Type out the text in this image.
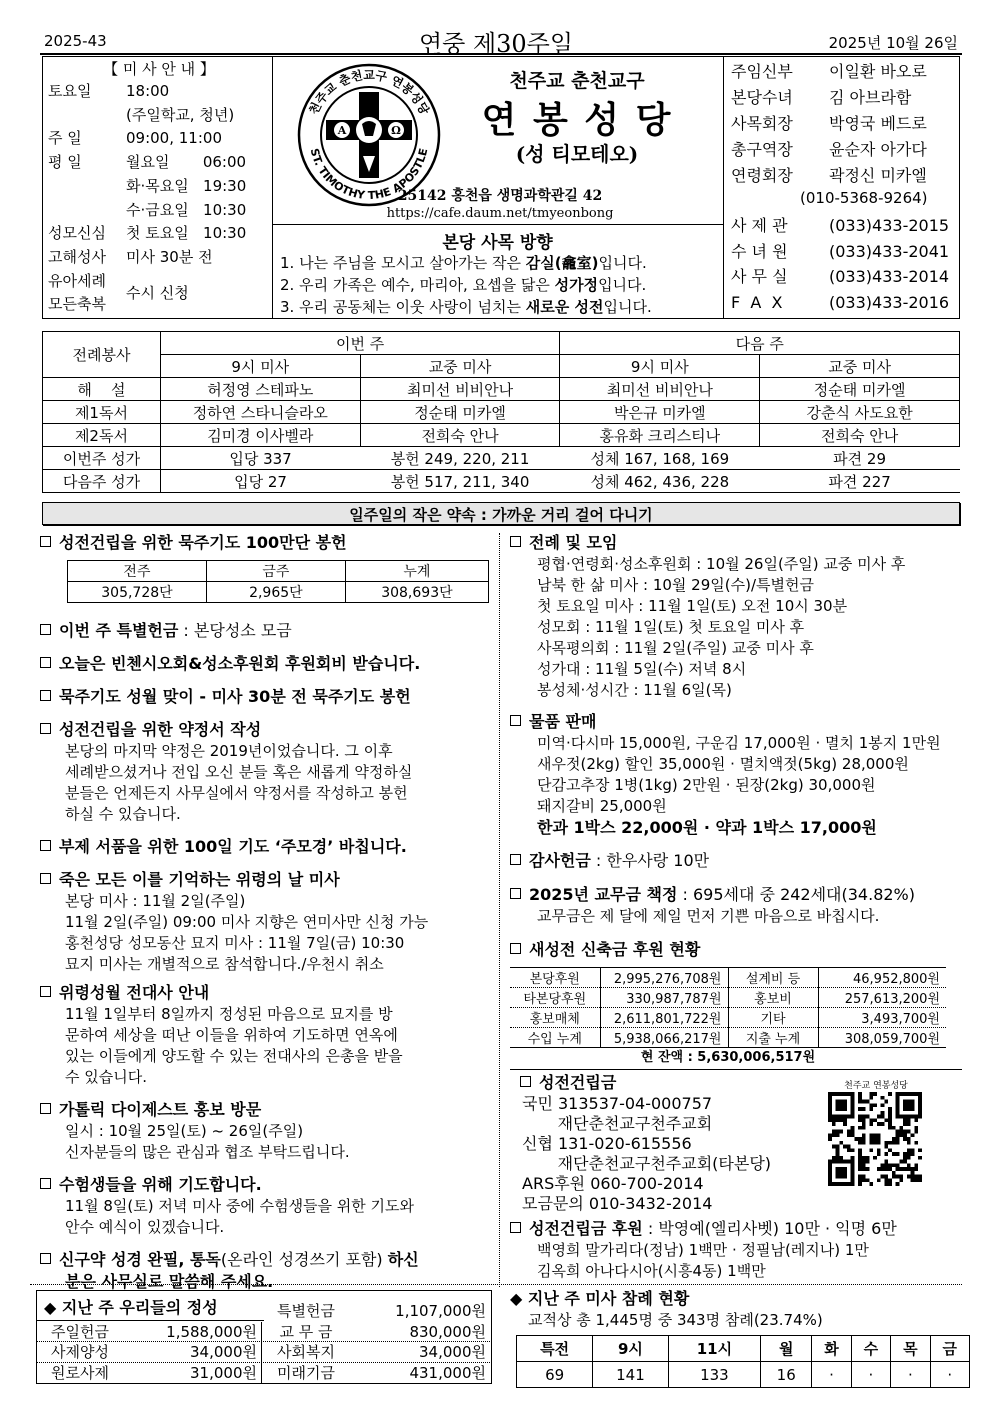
2025-43	연중 제30주일	2025년 10월 26일
【 미 사 안 내 】
토요일	18:00
(주일학교, 청년)
주 일	09:00, 11:00
평 일	월요일       06:00
화·목요일   19:30
수·금요일   10:30
성모신심	첫 토요일   10:30
고해성사	미사 30분 전
유아세례
모든축복
수시 신청
천주교 춘천교구 연봉성당
ST. TIMOTHY THE APOSTLE
A	Ω
천주교 춘천교구
연 봉 성 당
(성 티모테오)
25142 홍천읍 생명과학관길 42
https://cafe.daum.net/tmyeonbong
본당 사목 방향
1. 나는 주님을 모시고 살아가는 작은 감실(龕室)입니다.
2. 우리 가족은 예수, 마리아, 요셉을 닮은 성가정입니다.
3. 우리 공동체는 이웃 사랑이 넘치는 새로운 성전입니다.
주임신부	이일환 바오로
본당수녀	김 아브라함
사목회장	박영국 베드로
총구역장	윤순자 아가다
연령회장	곽정신 미카엘
(010-5368-9264)
사 제 관	(033)433-2015
수 녀 원	(033)433-2041
사 무 실	(033)433-2014
F  A  X	(033)433-2016
전례봉사	이번 주		다음 주	
	9시 미사	교중 미사	9시 미사	교중 미사
해    설	허정영 스테파노	최미선 비비안나	최미선 비비안나	정순태 미카엘
제1독서	정하연 스타니슬라오	정순태 미카엘	박은규 미카엘	강춘식 사도요한
제2독서	김미경 이사벨라	전희숙 안나	홍유화 크리스티나	전희숙 안나
이번주 성가	입당 337	봉헌 249, 220, 211	성체 167, 168, 169	파견 29
다음주 성가	입당 27	봉헌 517, 211, 340	성체 462, 436, 228	파견 227
일주일의 작은 약속 : 가까운 거리 걸어 다니기
성전건립을 위한 묵주기도 100만단 봉헌
전주	금주	누계
305,728단	2,965단	308,693단
이번 주 특별헌금 : 본당성소 모금
오늘은 빈첸시오회&성소후원회 후원회비 받습니다.
묵주기도 성월 맞이 - 미사 30분 전 묵주기도 봉헌
성전건립을 위한 약정서 작성
본당의 마지막 약정은 2019년이었습니다. 그 이후
세례받으셨거나 전입 오신 분들 혹은 새롭게 약정하실
분들은 언제든지 사무실에서 약정서를 작성하고 봉헌
하실 수 있습니다.
부제 서품을 위한 100일 기도 ‘주모경’ 바칩니다.
죽은 모든 이를 기억하는 위령의 날 미사
본당 미사 : 11월 2일(주일)
11월 2일(주일) 09:00 미사 지향은 연미사만 신청 가능
홍천성당 성모동산 묘지 미사 : 11월 7일(금) 10:30
묘지 미사는 개별적으로 참석합니다./우천시 취소
위령성월 전대사 안내
11월 1일부터 8일까지 정성된 마음으로 묘지를 방
문하여 세상을 떠난 이들을 위하여 기도하면 연옥에
있는 이들에게 양도할 수 있는 전대사의 은총을 받을
수 있습니다.
가톨릭 다이제스트 홍보 방문
일시 : 10월 25일(토) ~ 26일(주일)
신자분들의 많은 관심과 협조 부탁드립니다.
수험생들을 위해 기도합니다.
11월 8일(토) 저녁 미사 중에 수험생들을 위한 기도와
안수 예식이 있겠습니다.
신구약 성경 완필, 통독(온라인 성경쓰기 포함) 하신
분은 사무실로 말씀해 주세요.
전례 및 모임
평협·연령회·성소후원회 : 10월 26일(주일) 교중 미사 후
남북 한 삶 미사 : 10월 29일(수)/특별헌금
첫 토요일 미사 : 11월 1일(토) 오전 10시 30분
성모회 : 11월 1일(토) 첫 토요일 미사 후
사목평의회 : 11월 2일(주일) 교중 미사 후
성가대 : 11월 5일(수) 저녁 8시
봉성체·성시간 : 11월 6일(목)
물품 판매
미역·다시마 15,000원, 구운김 17,000원 · 멸치 1봉지 1만원
새우젓(2kg) 할인 35,000원 · 멸치액젓(5kg) 28,000원
단감고추장 1병(1kg) 2만원 · 된장(2kg) 30,000원
돼지갈비 25,000원
한과 1박스 22,000원 · 약과 1박스 17,000원
감사헌금 : 한우사랑 10만
2025년 교무금 책정 : 695세대 중 242세대(34.82%)
교무금은 제 달에 제일 먼저 기쁜 마음으로 바칩시다.
새성전 신축금 후원 현황
본당후원	2,995,276,708원	설계비 등	46,952,800원
타본당후원	330,987,787원	홍보비	257,613,200원
홍보매체	2,611,801,722원	기타	3,493,700원
수입 누계	5,938,066,217원	지출 누계	308,059,700원
현 잔액 : 5,630,006,517원
성전건립금
국민 313537-04-000757
재단춘천교구천주교회
신협 131-020-615556
재단춘천교구천주교회(타본당)
ARS후원 060-700-2014
모금문의 010-3432-2014
천주교 연봉성당
성전건립금 후원 : 박영예(엘리사벳) 10만 · 익명 6만
백영희 말가리다(정남) 1백만 · 정필남(레지나) 1만
김옥희 아나다시아(시흥4동) 1백만
◆ 지난 주 우리들의 정성	특별헌금	1,107,000원
주일헌금	1,588,000원	교 무 금	830,000원
사제양성	34,000원	사회복지	34,000원
원로사제	31,000원	미래기금	431,000원
◆ 지난 주 미사 참례 현황
교적상 총 1,445명 중 343명 참례(23.74%)
특전	9시	11시	월	화	수	목	금
69	141	133	16	·	·	·	·
